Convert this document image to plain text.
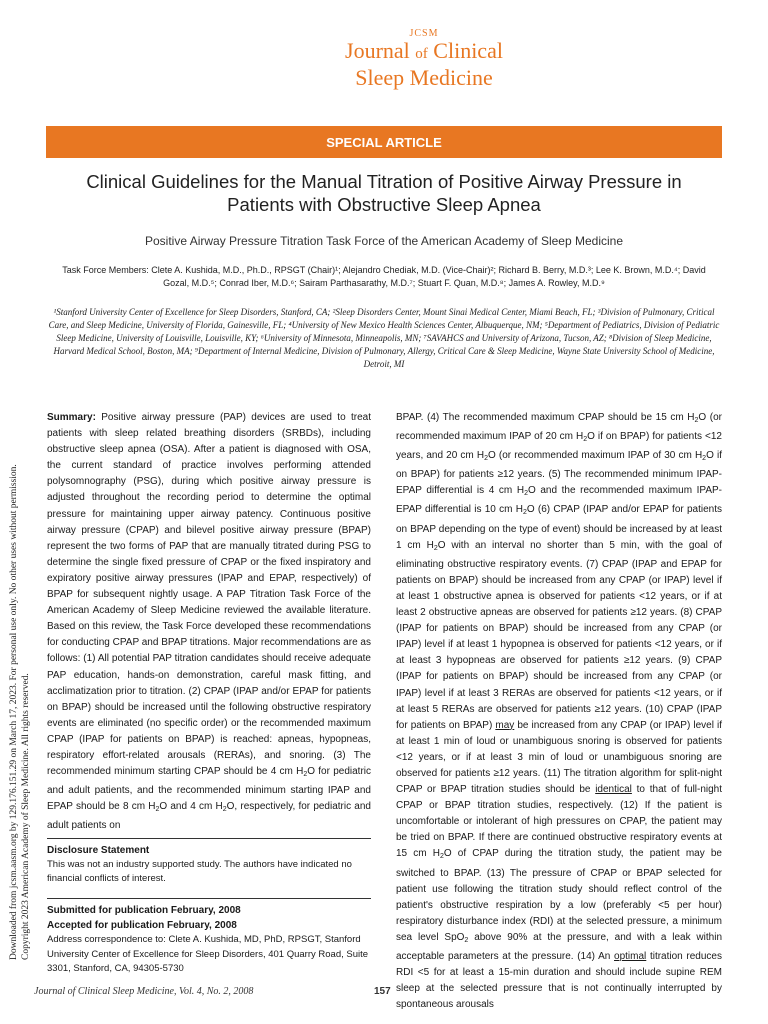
JCSM
Journal of Clinical
Sleep Medicine
SPECIAL ARTICLE
Clinical Guidelines for the Manual Titration of Positive Airway Pressure in Patients with Obstructive Sleep Apnea
Positive Airway Pressure Titration Task Force of the American Academy of Sleep Medicine
Task Force Members: Clete A. Kushida, M.D., Ph.D., RPSGT (Chair)¹; Alejandro Chediak, M.D. (Vice-Chair)²; Richard B. Berry, M.D.³; Lee K. Brown, M.D.⁴; David Gozal, M.D.⁵; Conrad Iber, M.D.⁶; Sairam Parthasarathy, M.D.⁷; Stuart F. Quan, M.D.⁸; James A. Rowley, M.D.⁹
¹Stanford University Center of Excellence for Sleep Disorders, Stanford, CA; ²Sleep Disorders Center, Mount Sinai Medical Center, Miami Beach, FL; ³Division of Pulmonary, Critical Care, and Sleep Medicine, University of Florida, Gainesville, FL; ⁴University of New Mexico Health Sciences Center, Albuquerque, NM; ⁵Department of Pediatrics, Division of Pediatric Sleep Medicine, University of Louisville, Louisville, KY; ⁶University of Minnesota, Minneapolis, MN; ⁷SAVAHCS and University of Arizona, Tucson, AZ; ⁸Division of Sleep Medicine, Harvard Medical School, Boston, MA; ⁹Department of Internal Medicine, Division of Pulmonary, Allergy, Critical Care & Sleep Medicine, Wayne State University School of Medicine, Detroit, MI
Summary: Positive airway pressure (PAP) devices are used to treat patients with sleep related breathing disorders (SRBDs), including obstructive sleep apnea (OSA). After a patient is diagnosed with OSA, the current standard of practice involves performing attended polysomnography (PSG), during which positive airway pressure is adjusted throughout the recording period to determine the optimal pressure for maintaining upper airway patency. Continuous positive airway pressure (CPAP) and bilevel positive airway pressure (BPAP) represent the two forms of PAP that are manually titrated during PSG to determine the single fixed pressure of CPAP or the fixed inspiratory and expiratory positive airway pressures (IPAP and EPAP, respectively) of BPAP for subsequent nightly usage. A PAP Titration Task Force of the American Academy of Sleep Medicine reviewed the available literature. Based on this review, the Task Force developed these recommendations for conducting CPAP and BPAP titrations. Major recommendations are as follows: (1) All potential PAP titration candidates should receive adequate PAP education, hands-on demonstration, careful mask fitting, and acclimatization prior to titration. (2) CPAP (IPAP and/or EPAP for patients on BPAP) should be increased until the following obstructive respiratory events are eliminated (no specific order) or the recommended maximum CPAP (IPAP for patients on BPAP) is reached: apneas, hypopneas, respiratory effort-related arousals (RERAs), and snoring. (3) The recommended minimum starting CPAP should be 4 cm $H_2O$ for pediatric and adult patients, and the recommended minimum starting IPAP and EPAP should be 8 cm $H_2O$ and 4 cm $H_2O$, respectively, for pediatric and adult patients on
Disclosure Statement
This was not an industry supported study. The authors have indicated no financial conflicts of interest.
Submitted for publication February, 2008
Accepted for publication February, 2008
Address correspondence to: Clete A. Kushida, MD, PhD, RPSGT, Stanford University Center of Excellence for Sleep Disorders, 401 Quarry Road, Suite 3301, Stanford, CA, 94305-5730
BPAP. (4) The recommended maximum CPAP should be 15 cm $H_2O$ (or recommended maximum IPAP of 20 cm $H_2O$ if on BPAP) for patients <12 years, and 20 cm $H_2O$ (or recommended maximum IPAP of 30 cm $H_2O$ if on BPAP) for patients ≥12 years. (5) The recommended minimum IPAP-EPAP differential is 4 cm $H_2O$ and the recommended maximum IPAP-EPAP differential is 10 cm $H_2O$ (6) CPAP (IPAP and/or EPAP for patients on BPAP depending on the type of event) should be increased by at least 1 cm $H_2O$ with an interval no shorter than 5 min, with the goal of eliminating obstructive respiratory events. (7) CPAP (IPAP and EPAP for patients on BPAP) should be increased from any CPAP (or IPAP) level if at least 1 obstructive apnea is observed for patients <12 years, or if at least 2 obstructive apneas are observed for patients ≥12 years. (8) CPAP (IPAP for patients on BPAP) should be increased from any CPAP (or IPAP) level if at least 1 hypopnea is observed for patients <12 years, or if at least 3 hypopneas are observed for patients ≥12 years. (9) CPAP (IPAP for patients on BPAP) should be increased from any CPAP (or IPAP) level if at least 3 RERAs are observed for patients <12 years, or if at least 5 RERAs are observed for patients ≥12 years. (10) CPAP (IPAP for patients on BPAP) may be increased from any CPAP (or IPAP) level if at least 1 min of loud or unambiguous snoring is observed for patients <12 years, or if at least 3 min of loud or unambiguous snoring are observed for patients ≥12 years. (11) The titration algorithm for split-night CPAP or BPAP titration studies should be identical to that of full-night CPAP or BPAP titration studies, respectively. (12) If the patient is uncomfortable or intolerant of high pressures on CPAP, the patient may be tried on BPAP. If there are continued obstructive respiratory events at 15 cm $H_2O$ of CPAP during the titration study, the patient may be switched to BPAP. (13) The pressure of CPAP or BPAP selected for patient use following the titration study should reflect control of the patient's obstructive respiration by a low (preferably <5 per hour) respiratory disturbance index (RDI) at the selected pressure, a minimum sea level SpO$_2$ above 90% at the pressure, and with a leak within acceptable parameters at the pressure. (14) An optimal titration reduces RDI <5 for at least a 15-min duration and should include supine REM sleep at the selected pressure that is not continually interrupted by spontaneous arousals
Journal of Clinical Sleep Medicine, Vol. 4, No. 2, 2008	157
Downloaded from jcsm.aasm.org by 129.176.151.29 on March 17, 2023. For personal use only. No other uses without permission. Copyright 2023 American Academy of Sleep Medicine. All rights reserved.
